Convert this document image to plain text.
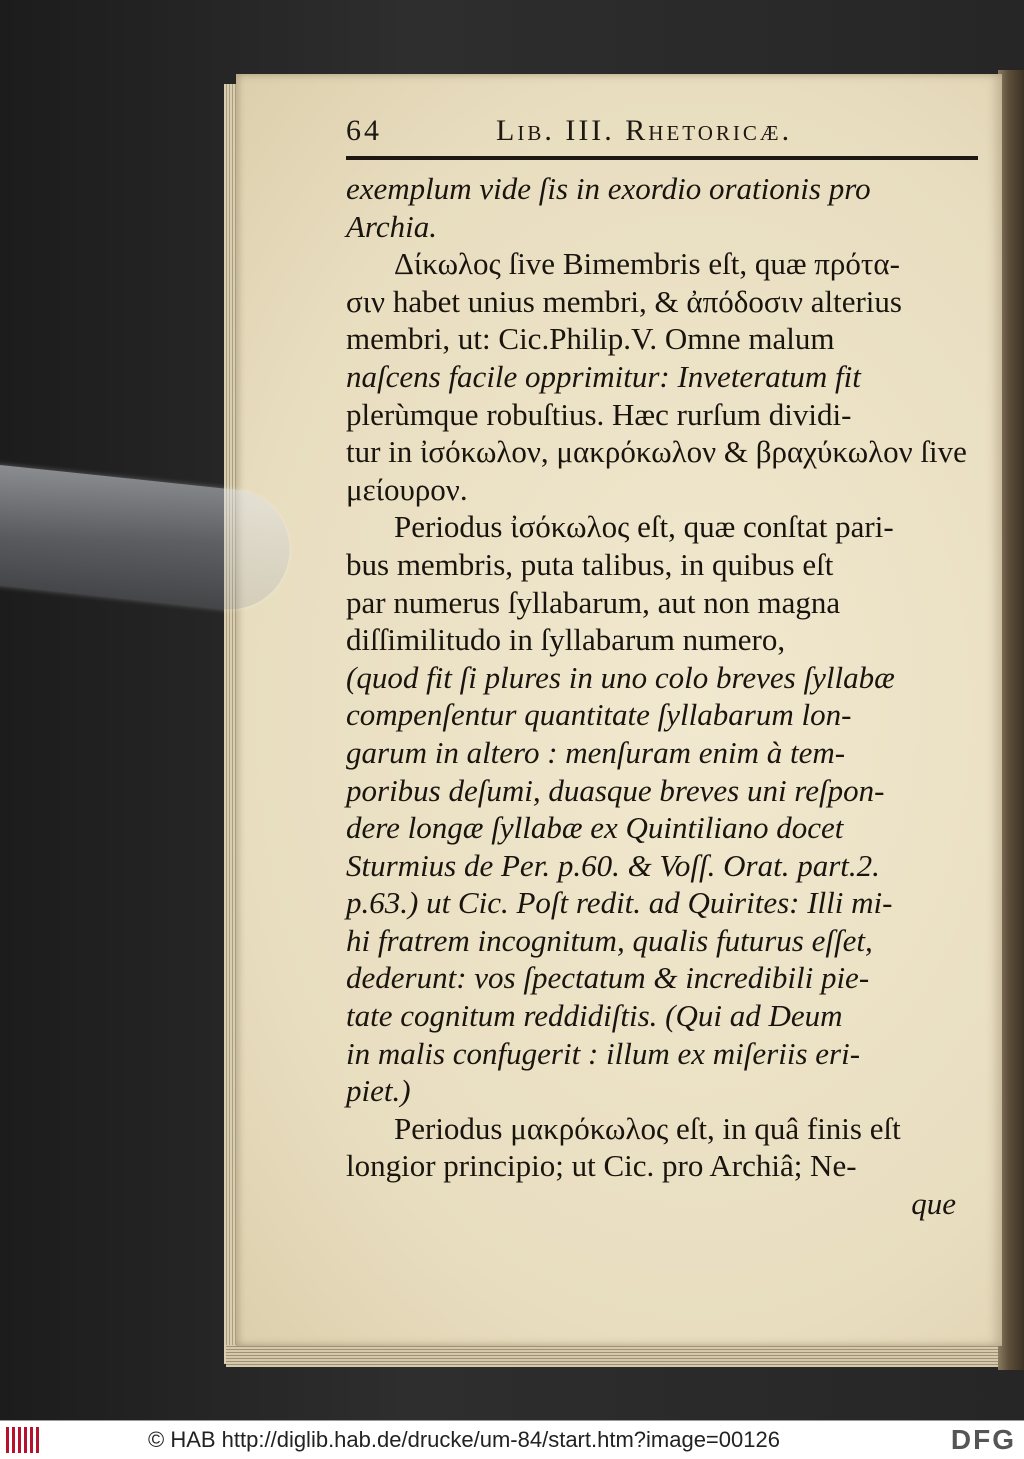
64	Lib. III. Rhetoricæ.
exemplum vide ſis in exordio orationis pro
Archia.
Δίκωλος ſive Bimembris eſt, quæ πρότα-
σιν habet unius membri, & ἀπόδοσιν alterius
membri, ut: Cic.Philip.V. Omne malum
naſcens facile opprimitur: Inveteratum fit
plerùmque robuſtius. Hæc rurſum dividi-
tur in ἰσόκωλον, μακρόκωλον & βραχύκωλον ſive
μείουρον.
Periodus ἰσόκωλος eſt, quæ conſtat pari-
bus membris, puta talibus, in quibus eſt
par numerus ſyllabarum, aut non magna
diſſimilitudo in ſyllabarum numero,
(quod fit ſi plures in uno colo breves ſyllabæ
compenſentur quantitate ſyllabarum lon-
garum in altero : menſuram enim à tem-
poribus deſumi, duasque breves uni reſpon-
dere longæ ſyllabæ ex Quintiliano docet
Sturmius de Per. p.60. & Voſſ. Orat. part.2.
p.63.) ut Cic. Poſt redit. ad Quirites: Illi mi-
hi fratrem incognitum, qualis futurus eſſet,
dederunt: vos ſpectatum & incredibili pie-
tate cognitum reddidiſtis. (Qui ad Deum
in malis confugerit : illum ex miſeriis eri-
piet.)
Periodus μακρόκωλος eſt, in quâ finis eſt
longior principio; ut Cic. pro Archiâ; Ne-
que
© HAB http://diglib.hab.de/drucke/um-84/start.htm?image=00126	DFG
